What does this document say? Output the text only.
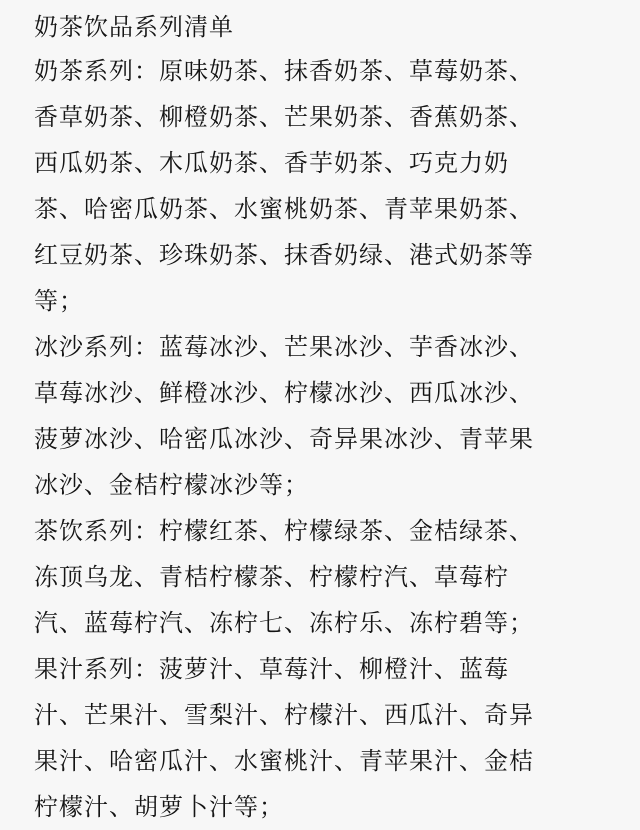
奶茶饮品系列清单
奶茶系列：原味奶茶、抹香奶茶、草莓奶茶、
香草奶茶、柳橙奶茶、芒果奶茶、香蕉奶茶、
西瓜奶茶、木瓜奶茶、香芋奶茶、巧克力奶
茶、哈密瓜奶茶、水蜜桃奶茶、青苹果奶茶、
红豆奶茶、珍珠奶茶、抹香奶绿、港式奶茶等
等；
冰沙系列：蓝莓冰沙、芒果冰沙、芋香冰沙、
草莓冰沙、鲜橙冰沙、柠檬冰沙、西瓜冰沙、
菠萝冰沙、哈密瓜冰沙、奇异果冰沙、青苹果
冰沙、金桔柠檬冰沙等；
茶饮系列：柠檬红茶、柠檬绿茶、金桔绿茶、
冻顶乌龙、青桔柠檬茶、柠檬柠汽、草莓柠
汽、蓝莓柠汽、冻柠七、冻柠乐、冻柠碧等；
果汁系列：菠萝汁、草莓汁、柳橙汁、蓝莓
汁、芒果汁、雪梨汁、柠檬汁、西瓜汁、奇异
果汁、哈密瓜汁、水蜜桃汁、青苹果汁、金桔
柠檬汁、胡萝卜汁等；
